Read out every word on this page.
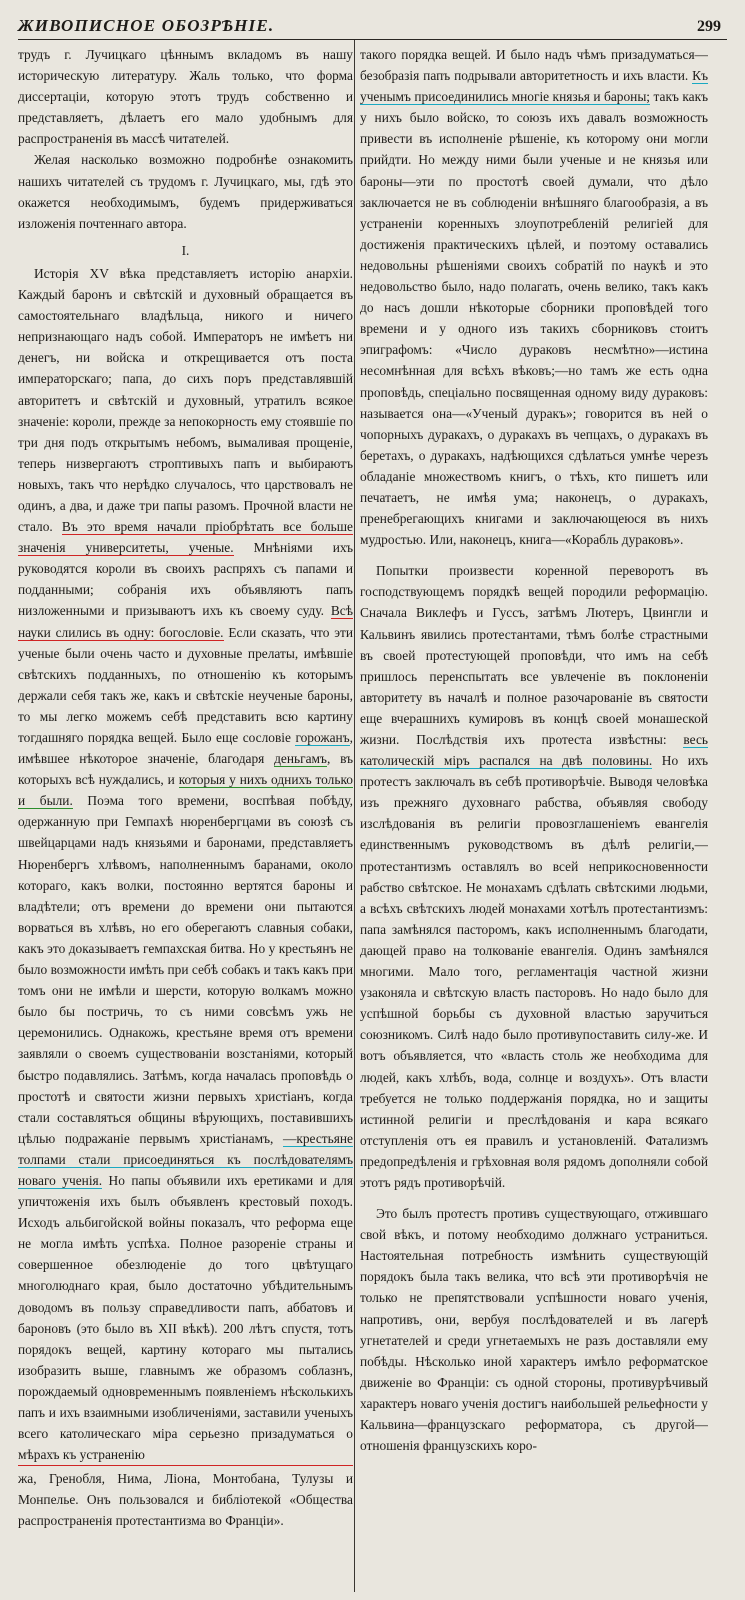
ЖИВОПИСНОЕ ОБОЗРѢНІЕ.	299

трудъ г. Лучицкаго цѣннымъ вкладомъ въ нашу историческую литературу. Жаль только, что форма диссертаціи, которую этотъ трудъ собственно и представляетъ, дѣлаетъ его мало удобнымъ для распространенія въ массѣ читателей.

Желая насколько возможно подробнѣе ознакомить нашихъ читателей съ трудомъ г. Лучицкаго, мы, гдѣ это окажется необходимымъ, будемъ придерживаться изложенія почтеннаго автора.

I.

Исторія XV вѣка представляетъ исторію анархіи. Каждый баронъ и свѣтскій и духовный обращается въ самостоятельнаго владѣльца, никого и ничего непризнающаго надъ собой. Императоръ не имѣетъ ни денегъ, ни войска и открещивается отъ поста императорскаго; папа, до сихъ поръ представлявшій авторитетъ и свѣтскій и духовный, утратилъ всякое значеніе: короли, прежде за непокорность ему стоявшіе по три дня подъ открытымъ небомъ, вымаливая прощеніе, теперь низвергаютъ строптивыхъ папъ и выбираютъ новыхъ, такъ что нерѣдко случалось, что царствовалъ не одинъ, а два, и даже три папы разомъ. Прочной власти не стало. Въ это время начали пріобрѣтать все больше значенія университеты, ученые. Мнѣніями ихъ руководятся короли въ своихъ распряхъ съ папами и подданными; собранія ихъ объявляютъ папъ низложенными и призываютъ ихъ къ своему суду. Всѣ науки слились въ одну: богословіе. Если сказать, что эти ученые были очень часто и духовные прелаты, имѣвшіе свѣтскихъ подданныхъ, по отношенію къ которымъ держали себя такъ же, какъ и свѣтскіе неученые бароны, то мы легко можемъ себѣ представить всю картину тогдашняго порядка вещей. Было еще сословіе горожанъ, имѣвшее нѣкоторое значеніе, благодаря деньгамъ, въ которыхъ всѣ нуждались, и которыя у нихъ однихъ только и были. Поэма того времени, воспѣвая побѣду, одержанную при Гемпахѣ нюренбергцами въ союзѣ съ швейцарцами надъ князьями и баронами, представляетъ Нюренбергъ хлѣвомъ, наполненнымъ баранами, около котораго, какъ волки, постоянно вертятся бароны и владѣтели; отъ времени до времени они пытаются ворваться въ хлѣвъ, но его оберегаютъ славныя собаки, какъ это доказываетъ гемпахская битва. Но у крестьянъ не было возможности имѣть при себѣ собакъ и такъ какъ при томъ они не имѣли и шерсти, которую волкамъ можно было бы постричь, то съ ними совсѣмъ ужь не церемонились. Однакожь, крестьяне время отъ времени заявляли о своемъ существованіи возстаніями, который быстро подавлялись. Затѣмъ, когда началась проповѣдь о простотѣ и святости жизни первыхъ христіанъ, когда стали составляться общины вѣрующихъ, поставившихъ цѣлью подражаніе первымъ христіанамъ, —крестьяне толпами стали присоединяться къ послѣдователямъ новаго ученія. Но папы объявили ихъ еретиками и для упичтоженія ихъ былъ объявленъ крестовый походъ. Исходъ альбигойской войны показалъ, что реформа еще не могла имѣть успѣха. Полное разореніе страны и совершенное обезлюденіе до того цвѣтущаго многолюднаго края, было достаточно убѣдительнымъ доводомъ въ пользу справедливости папъ, аббатовъ и бароновъ (это было въ XII вѣкѣ). 200 лѣтъ спустя, тотъ порядокъ вещей, картину котораго мы пытались изобразить выше, главнымъ же образомъ соблазнъ, порождаемый одновременнымъ появленіемъ нѣсколькихъ папъ и ихъ взаимными изобличеніями, заставили ученыхъ всего католическаго міра серьезно призадуматься о мѣрахъ къ устраненію

жа, Гренобля, Нима, Ліона, Монтобана, Тулузы и Монпелье. Онъ пользовался и библіотекой «Общества распространенія протестантизма во Франціи».

такого порядка вещей. И было надъ чѣмъ призадуматься—безобразія папъ подрывали авторитетность и ихъ власти. Къ ученымъ присоединились многіе князья и бароны; такъ какъ у нихъ было войско, то союзъ ихъ давалъ возможность привести въ исполненіе рѣшеніе, къ которому они могли прийдти. Но между ними были ученые и не князья или бароны—эти по простотѣ своей думали, что дѣло заключается не въ соблюденіи внѣшняго благообразія, а въ устраненіи коренныхъ злоупотребленій религіей для достиженія практическихъ цѣлей, и поэтому оставались недовольны рѣшеніями своихъ собратій по наукѣ и это недовольство было, надо полагать, очень велико, такъ какъ до насъ дошли нѣкоторые сборники проповѣдей того времени и у одного изъ такихъ сборниковъ стоитъ эпиграфомъ: «Число дураковъ несмѣтно»—истина несомнѣнная для всѣхъ вѣковъ;—но тамъ же есть одна проповѣдь, спеціально посвященная одному виду дураковъ: называется она—«Ученый дуракъ»; говорится въ ней о чопорныхъ дуракахъ, о дуракахъ въ чепцахъ, о дуракахъ въ беретахъ, о дуракахъ, надѣющихся сдѣлаться умнѣе черезъ обладаніе множествомъ книгъ, о тѣхъ, кто пишетъ или печатаетъ, не имѣя ума; наконецъ, о дуракахъ, пренебрегающихъ книгами и заключающеюся въ нихъ мудростью. Или, наконецъ, книга—«Корабль дураковъ».

Попытки произвести коренной переворотъ въ господствующемъ порядкѣ вещей породили реформацію. Сначала Виклефъ и Гуссъ, затѣмъ Лютеръ, Цвингли и Кальвинъ явились протестантами, тѣмъ болѣе страстными въ своей протестующей проповѣди, что имъ на себѣ пришлось перенспытать все увлеченіе въ поклоненіи авторитету въ началѣ и полное разочарованіе въ святости еще вчерашнихъ кумировъ въ концѣ своей монашеской жизни. Послѣдствія ихъ протеста извѣстны: весь католическій міръ распался на двѣ половины. Но ихъ протестъ заключалъ въ себѣ противорѣчіе. Выводя человѣка изъ прежняго духовнаго рабства, объявляя свободу изслѣдованія въ религіи провозглашеніемъ евангелія единственнымъ руководствомъ въ дѣлѣ религіи,—протестантизмъ оставлялъ во всей неприкосновенности рабство свѣтское. Не монахамъ сдѣлать свѣтскими людьми, а всѣхъ свѣтскихъ людей монахами хотѣлъ протестантизмъ: папа замѣнялся пасторомъ, какъ исполненнымъ благодати, дающей право на толкованіе евангелія. Одинъ замѣнялся многими. Мало того, регламентація частной жизни узаконяла и свѣтскую власть пасторовъ. Но надо было для успѣшной борьбы съ духовной властью заручиться союзникомъ. Силѣ надо было противупоставить силу-же. И вотъ объявляется, что «власть столь же необходима для людей, какъ хлѣбъ, вода, солнце и воздухъ». Отъ власти требуется не только поддержанія порядка, но и защиты истинной религіи и преслѣдованія и кара всякаго отступленія отъ ея правилъ и установленій. Фатализмъ предопредѣленія и грѣховная воля рядомъ дополняли собой этотъ рядъ противорѣчій.

Это былъ протестъ противъ существующаго, отжившаго свой вѣкъ, и потому необходимо должнаго устраниться. Настоятельная потребность измѣнить существующій порядокъ была такъ велика, что всѣ эти противорѣчія не только не препятствовали успѣшности новаго ученія, напротивъ, они, вербуя послѣдователей и въ лагерѣ угнетателей и среди угнетаемыхъ не разъ доставляли ему побѣды. Нѣсколько иной характеръ имѣло реформатское движеніе во Франціи: съ одной стороны, противурѣчивый характеръ новаго ученія достигъ наибольшей рельефности у Кальвина—французскаго реформатора, съ другой—отношенія французскихъ коро-
